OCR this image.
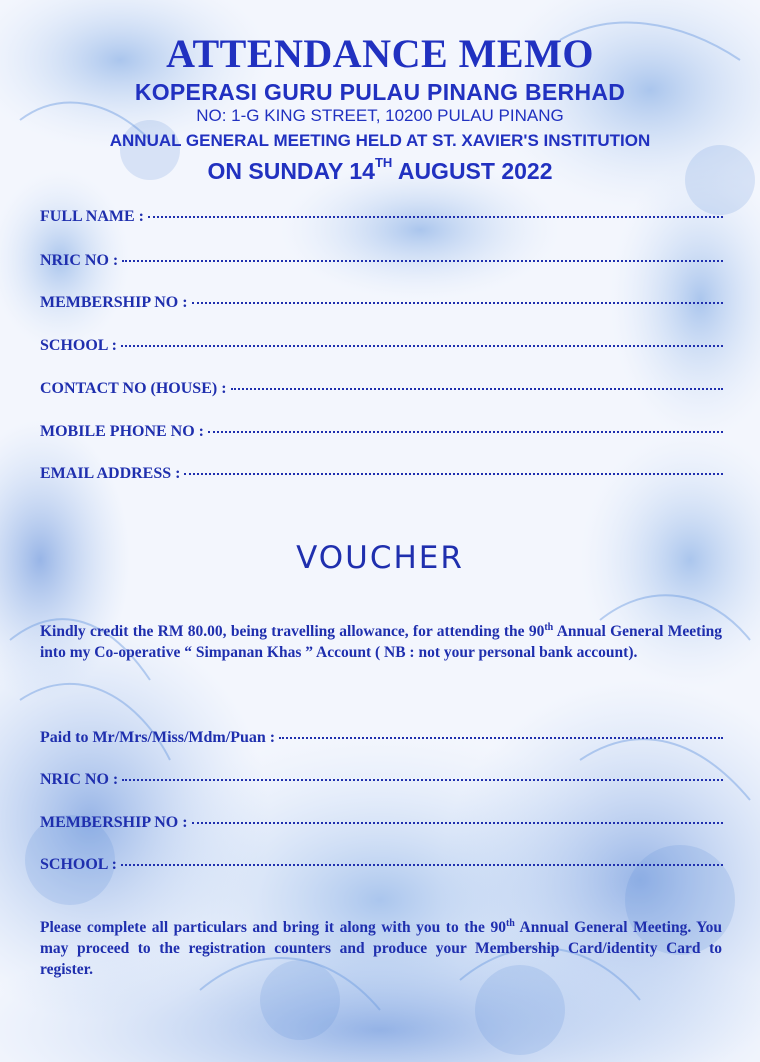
ATTENDANCE MEMO
KOPERASI GURU PULAU PINANG BERHAD
NO: 1-G KING STREET, 10200 PULAU PINANG
ANNUAL GENERAL MEETING HELD AT ST. XAVIER'S INSTITUTION
ON SUNDAY 14TH AUGUST 2022
FULL NAME :
NRIC NO :
MEMBERSHIP NO :
SCHOOL :
CONTACT NO (HOUSE) :
MOBILE PHONE NO :
EMAIL ADDRESS :
VOUCHER

Kindly credit the RM 80.00, being travelling allowance, for attending the 90th Annual General Meeting into my Co-operative “ Simpanan Khas ” Account ( NB : not your personal bank account).

Paid to Mr/Mrs/Miss/Mdm/Puan :
NRIC NO :
MEMBERSHIP NO :
SCHOOL :

Please complete all particulars and bring it along with you to the 90th Annual General Meeting. You may proceed to the registration counters and produce your Membership Card/identity Card to register.
